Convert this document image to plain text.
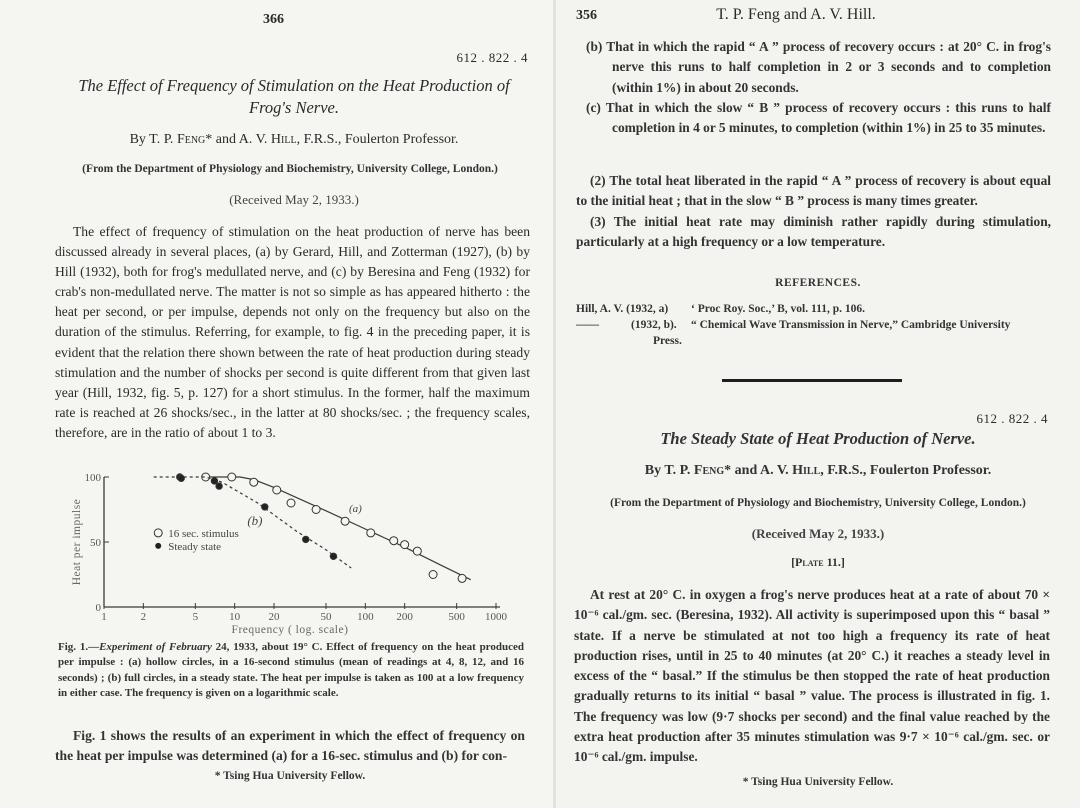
366
612 . 822 . 4
The Effect of Frequency of Stimulation on the Heat Production of
Frog's Nerve.
By T. P. Feng* and A. V. Hill, F.R.S., Foulerton Professor.
(From the Department of Physiology and Biochemistry, University College, London.)
(Received May 2, 1933.)

The effect of frequency of stimulation on the heat production of nerve has been discussed already in several places, (a) by Gerard, Hill, and Zotterman (1927), (b) by Hill (1932), both for frog's medullated nerve, and (c) by Beresina and Feng (1932) for crab's non-medullated nerve. The matter is not so simple as has appeared hitherto : the heat per second, or per impulse, depends not only on the frequency but also on the duration of the stimulus. Referring, for example, to fig. 4 in the preceding paper, it is evident that the relation there shown between the rate of heat production during steady stimulation and the number of shocks per second is quite different from that given last year (Hill, 1932, fig. 5, p. 127) for a short stimulus. In the former, half the maximum rate is reached at 26 shocks/sec., in the latter at 80 shocks/sec. ; the frequency scales, therefore, are in the ratio of about 1 to 3.

1	2	5	10	20	50 100 200	500 1000
0
50
100
Frequency ( log. scale)
Heat per impulse	(a)
(b)
16 sec. stimulus
Steady state
Fig. 1.—Experiment of February 24, 1933, about 19° C. Effect of frequency on the heat produced per impulse : (a) hollow circles, in a 16-second stimulus (mean of readings at 4, 8, 12, and 16 seconds) ; (b) full circles, in a steady state. The heat per impulse is taken as 100 at a low frequency in either case. The frequency is given on a logarithmic scale.

Fig. 1 shows the results of an experiment in which the effect of frequency on the heat per impulse was determined (a) for a 16-sec. stimulus and (b) for con-

* Tsing Hua University Fellow.
356	T. P. Feng and A. V. Hill.

(b) That in which the rapid “ A ” process of recovery occurs : at 20° C. in frog's nerve this runs to half completion in 2 or 3 seconds and to completion (within 1%) in about 20 seconds.

(c) That in which the slow “ B ” process of recovery occurs : this runs to half completion in 4 or 5 minutes, to completion (within 1%) in 25 to 35 minutes.

(2) The total heat liberated in the rapid “ A ” process of recovery is about equal to the initial heat ; that in the slow “ B ” process is many times greater.

(3) The initial heat rate may diminish rather rapidly during stimulation, particularly at a high frequency or a low temperature.

REFERENCES.
Hill, A. V. (1932, a) ‘ Proc Roy. Soc.,’ B, vol. 111, p. 106.
——	(1932, b). “ Chemical Wave Transmission in Nerve,” Cambridge University
Press.
612 . 822 . 4
The Steady State of Heat Production of Nerve.
By T. P. Feng* and A. V. Hill, F.R.S., Foulerton Professor.
(From the Department of Physiology and Biochemistry, University College, London.)
(Received May 2, 1933.)
[Plate 11.]

At rest at 20° C. in oxygen a frog's nerve produces heat at a rate of about 70 × 10⁻⁶ cal./gm. sec. (Beresina, 1932). All activity is superimposed upon this “ basal ” state. If a nerve be stimulated at not too high a frequency its rate of heat production rises, until in 25 to 40 minutes (at 20° C.) it reaches a steady level in excess of the “ basal.” If the stimulus be then stopped the rate of heat production gradually returns to its initial “ basal ” value. The process is illustrated in fig. 1. The frequency was low (9·7 shocks per second) and the final value reached by the extra heat production after 35 minutes stimulation was 9·7 × 10⁻⁶ cal./gm. sec. or 10⁻⁶ cal./gm. impulse.

* Tsing Hua University Fellow.
